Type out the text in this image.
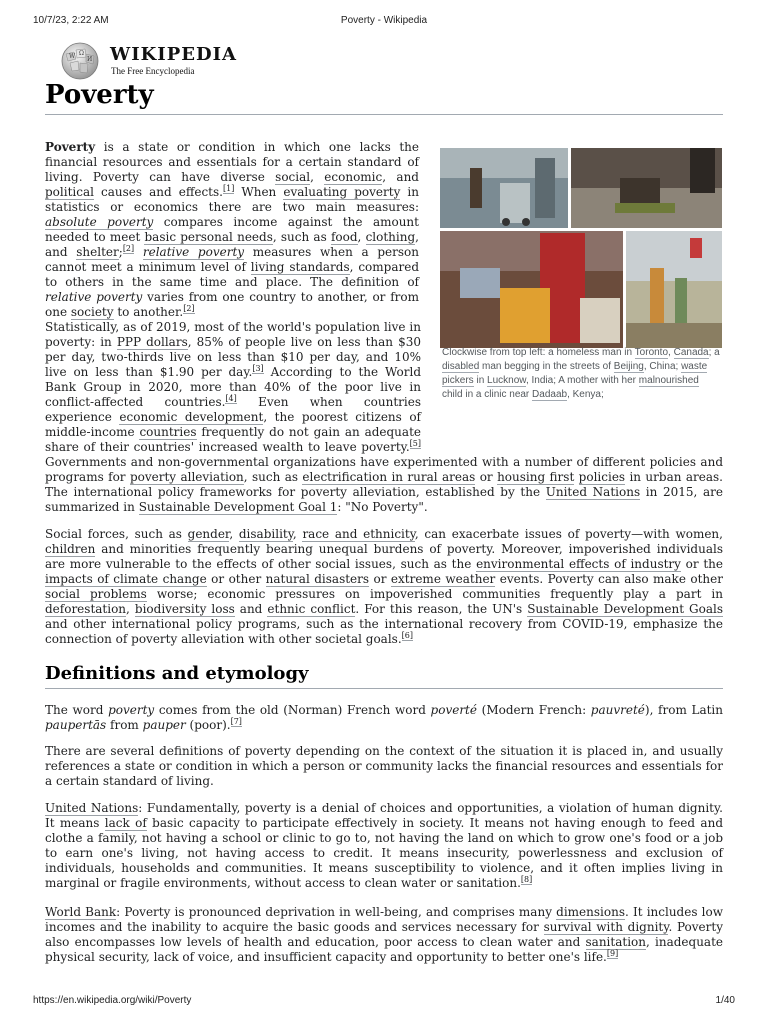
10/7/23, 2:22 AM	Poverty - Wikipedia
W Ω
И WIKIPEDIA
The Free Encyclopedia
Poverty

Poverty is a state or condition in which one lacks the financial resources and essentials for a certain standard of living. Poverty can have diverse social, economic, and political causes and effects.[1] When evaluating poverty in statistics or economics there are two main measures: absolute poverty compares income against the amount needed to meet basic personal needs, such as food, clothing, and shelter;[2] relative poverty measures when a person cannot meet a minimum level of living standards, compared to others in the same time and place. The definition of relative poverty varies from one country to another, or from one society to another.[2]

Clockwise from top left: a homeless man in Toronto, Canada; a disabled man begging in the streets of Beijing, China; waste pickers in Lucknow, India; A mother with her malnourished child in a clinic near Dadaab, Kenya;

Statistically, as of 2019, most of the world's population live in poverty: in PPP dollars, 85% of people live on less than $30 per day, two-thirds live on less than $10 per day, and 10% live on less than $1.90 per day.[3] According to the World Bank Group in 2020, more than 40% of the poor live in conflict-affected countries.[4] Even when countries experience economic development, the poorest citizens of middle-income countries frequently do not gain an adequate share of their countries' increased wealth to leave poverty.[5] Governments and non-governmental organizations have experimented with a number of different policies and programs for poverty alleviation, such as electrification in rural areas or housing first policies in urban areas. The international policy frameworks for poverty alleviation, established by the United Nations in 2015, are summarized in Sustainable Development Goal 1: "No Poverty".

Social forces, such as gender, disability, race and ethnicity, can exacerbate issues of poverty—with women, children and minorities frequently bearing unequal burdens of poverty. Moreover, impoverished individuals are more vulnerable to the effects of other social issues, such as the environmental effects of industry or the impacts of climate change or other natural disasters or extreme weather events. Poverty can also make other social problems worse; economic pressures on impoverished communities frequently play a part in deforestation, biodiversity loss and ethnic conflict. For this reason, the UN's Sustainable Development Goals and other international policy programs, such as the international recovery from COVID-19, emphasize the connection of poverty alleviation with other societal goals.[6]

Definitions and etymology

The word poverty comes from the old (Norman) French word poverté (Modern French: pauvreté), from Latin paupertās from pauper (poor).[7]

There are several definitions of poverty depending on the context of the situation it is placed in, and usually references a state or condition in which a person or community lacks the financial resources and essentials for a certain standard of living.

United Nations: Fundamentally, poverty is a denial of choices and opportunities, a violation of human dignity. It means lack of basic capacity to participate effectively in society. It means not having enough to feed and clothe a family, not having a school or clinic to go to, not having the land on which to grow one's food or a job to earn one's living, not having access to credit. It means insecurity, powerlessness and exclusion of individuals, households and communities. It means susceptibility to violence, and it often implies living in marginal or fragile environments, without access to clean water or sanitation.[8]

World Bank: Poverty is pronounced deprivation in well-being, and comprises many dimensions. It includes low incomes and the inability to acquire the basic goods and services necessary for survival with dignity. Poverty also encompasses low levels of health and education, poor access to clean water and sanitation, inadequate physical security, lack of voice, and insufficient capacity and opportunity to better one's life.[9]

https://en.wikipedia.org/wiki/Poverty	1/40
